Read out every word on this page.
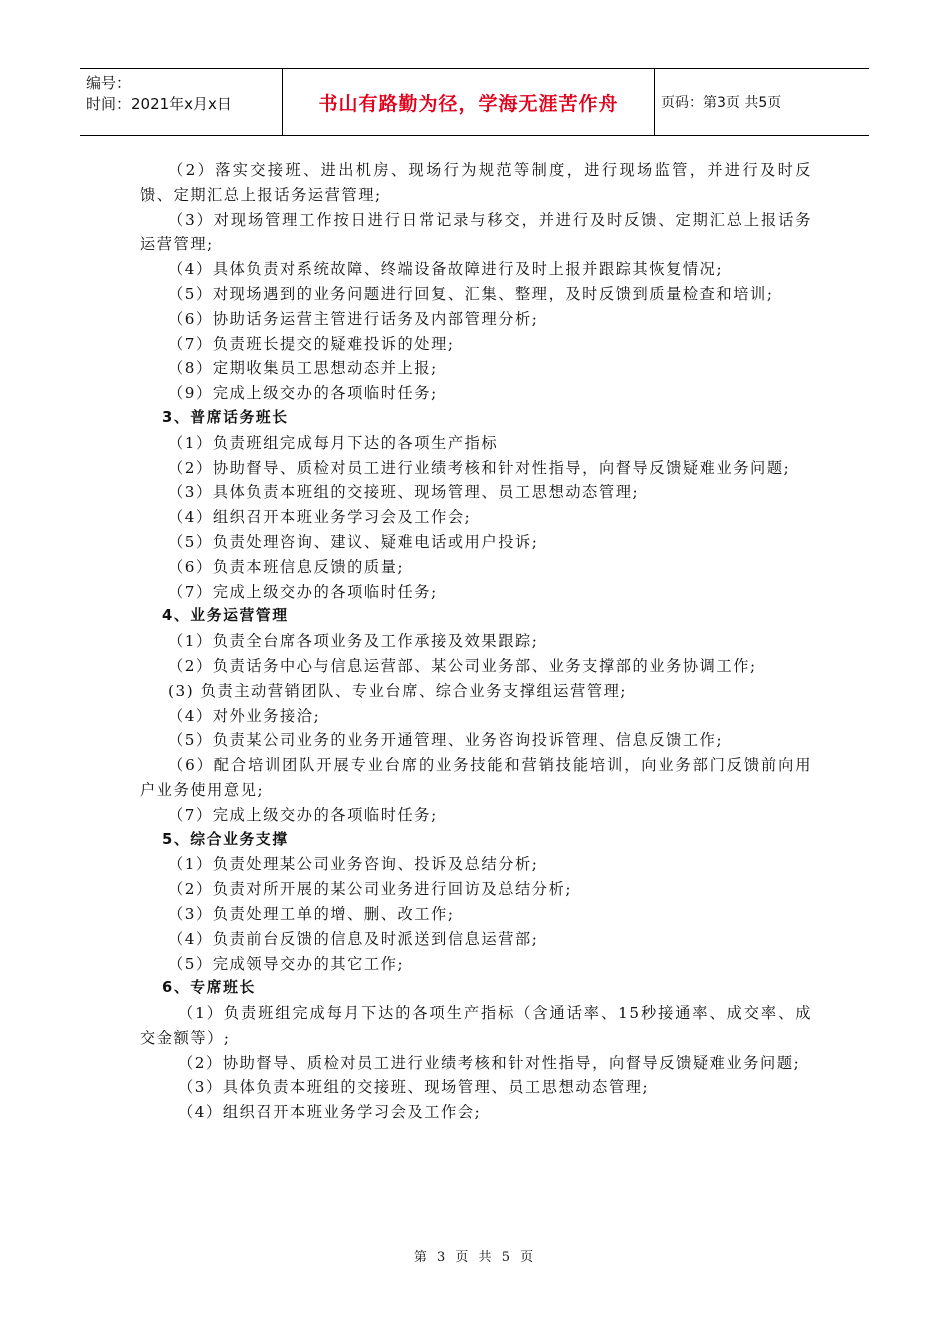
编号：
时间：2021年x月x日	书山有路勤为径，学海无涯苦作舟	页码：第3页 共5页

（2）落实交接班、进出机房、现场行为规范等制度，进行现场监管，并进行及时反馈、定期汇总上报话务运营管理;

（3）对现场管理工作按日进行日常记录与移交，并进行及时反馈、定期汇总上报话务运营管理;

（4）具体负责对系统故障、终端设备故障进行及时上报并跟踪其恢复情况;

（5）对现场遇到的业务问题进行回复、汇集、整理，及时反馈到质量检查和培训;

（6）协助话务运营主管进行话务及内部管理分析;

（7）负责班长提交的疑难投诉的处理;

（8）定期收集员工思想动态并上报;

（9）完成上级交办的各项临时任务;

3、普席话务班长

（1）负责班组完成每月下达的各项生产指标

（2）协助督导、质检对员工进行业绩考核和针对性指导，向督导反馈疑难业务问题;

（3）具体负责本班组的交接班、现场管理、员工思想动态管理;

（4）组织召开本班业务学习会及工作会;

（5）负责处理咨询、建议、疑难电话或用户投诉;

（6）负责本班信息反馈的质量;

（7）完成上级交办的各项临时任务;

4、业务运营管理

（1）负责全台席各项业务及工作承接及效果跟踪;

（2）负责话务中心与信息运营部、某公司业务部、业务支撑部的业务协调工作;

(3) 负责主动营销团队、专业台席、综合业务支撑组运营管理;

（4）对外业务接洽;

（5）负责某公司业务的业务开通管理、业务咨询投诉管理、信息反馈工作;

（6）配合培训团队开展专业台席的业务技能和营销技能培训，向业务部门反馈前向用户业务使用意见;

（7）完成上级交办的各项临时任务;

5、综合业务支撑

（1）负责处理某公司业务咨询、投诉及总结分析;

（2）负责对所开展的某公司业务进行回访及总结分析;

（3）负责处理工单的增、删、改工作;

（4）负责前台反馈的信息及时派送到信息运营部;

（5）完成领导交办的其它工作;

6、专席班长

（1）负责班组完成每月下达的各项生产指标（含通话率、15秒接通率、成交率、成交金额等）;

（2）协助督导、质检对员工进行业绩考核和针对性指导，向督导反馈疑难业务问题;

（3）具体负责本班组的交接班、现场管理、员工思想动态管理;

（4）组织召开本班业务学习会及工作会;

第 3 页 共 5 页
